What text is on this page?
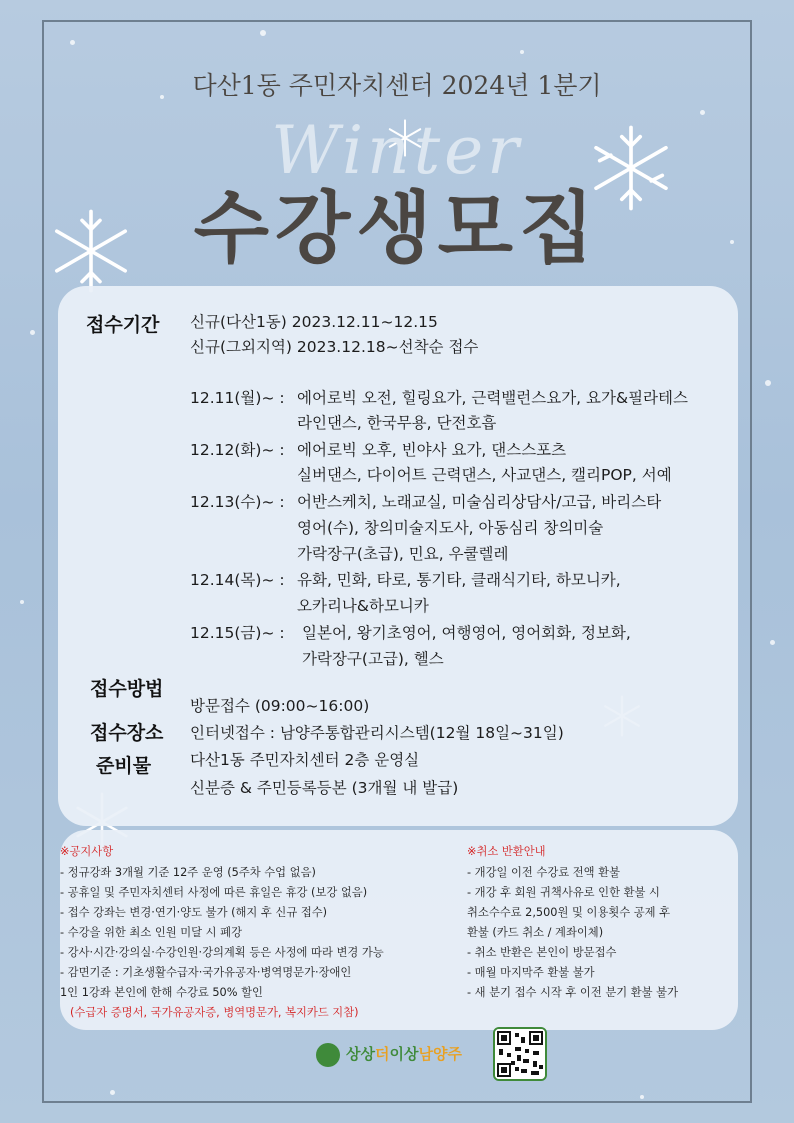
다산1동 주민자치센터 2024년 1분기
Winter
수강생모집
접수기간 신규(다산1동) 2023.12.11~12.15
신규(그외지역) 2023.12.18~선착순 접수
12.11(월)~ : 에어로빅 오전, 힐링요가, 근력밸런스요가, 요가&필라테스
라인댄스, 한국무용, 단전호흡
12.12(화)~ : 에어로빅 오후, 빈야사 요가, 댄스스포츠
실버댄스, 다이어트 근력댄스, 사교댄스, 캘리POP, 서예
12.13(수)~ : 어반스케치, 노래교실, 미술심리상담사/고급, 바리스타
영어(수), 창의미술지도사, 아동심리 창의미술
가락장구(초급), 민요, 우쿨렐레
12.14(목)~ : 유화, 민화, 타로, 통기타, 클래식기타, 하모니카,
오카리나&하모니카
12.15(금)~ : 일본어, 왕기초영어, 여행영어, 영어회화, 정보화,
가락장구(고급), 헬스
접수방법
방문접수 (09:00~16:00)
인터넷접수 : 남양주통합관리시스템(12월 18일~31일)
접수장소
다산1동 주민자치센터 2층 운영실
준비물
신분증 & 주민등록등본 (3개월 내 발급)
※공지사항
- 정규강좌 3개월 기준 12주 운영 (5주차 수업 없음)
- 공휴일 및 주민자치센터 사정에 따른 휴일은 휴강 (보강 없음)
- 접수 강좌는 변경·연기·양도 불가 (해지 후 신규 접수)
- 수강을 위한 최소 인원 미달 시 폐강
- 강사·시간·강의실·수강인원·강의계획 등은 사정에 따라 변경 가능
- 감면기준 : 기초생활수급자·국가유공자·병역명문가·장애인
1인 1강좌 본인에 한해 수강료 50% 할인
(수급자 증명서, 국가유공자증, 병역명문가, 복지카드 지참)
※취소 반환안내
- 개강일 이전 수강료 전액 환불
- 개강 후 회원 귀책사유로 인한 환불 시
취소수수료 2,500원 및 이용횟수 공제 후
환불 (카드 취소 / 계좌이체)
- 취소 반환은 본인이 방문접수
- 매월 마지막주 환불 불가
- 새 분기 접수 시작 후 이전 분기 환불 불가
상상더이상남양주
